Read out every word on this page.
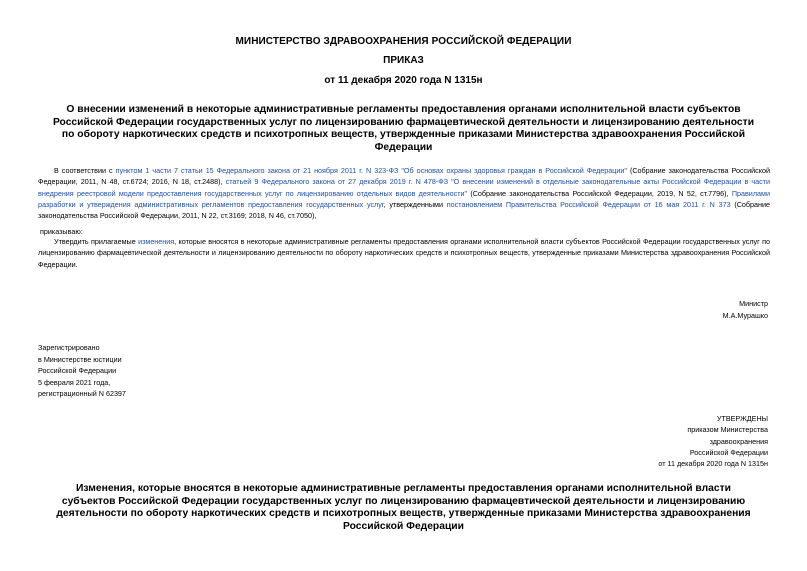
МИНИСТЕРСТВО ЗДРАВООХРАНЕНИЯ РОССИЙСКОЙ ФЕДЕРАЦИИ
ПРИКАЗ
от 11 декабря 2020 года N 1315н
О внесении изменений в некоторые административные регламенты предоставления органами исполнительной власти субъектов Российской Федерации государственных услуг по лицензированию фармацевтической деятельности и лицензированию деятельности по обороту наркотических средств и психотропных веществ, утвержденные приказами Министерства здравоохранения Российской Федерации
В соответствии с пунктом 1 части 7 статьи 15 Федерального закона от 21 ноября 2011 г. N 323-ФЗ "Об основах охраны здоровья граждан в Российской Федерации" (Собрание законодательства Российской Федерации, 2011, N 48, ст.6724; 2016, N 18, ст.2488), статьей 9 Федерального закона от 27 декабря 2019 г. N 478-ФЗ "О внесении изменений в отдельные законодательные акты Российской Федерации в части внедрения реестровой модели предоставления государственных услуг по лицензированию отдельных видов деятельности" (Собрание законодательства Российской Федерации, 2019, N 52, ст.7796), Правилами разработки и утверждения административных регламентов предоставления государственных услуг, утвержденными постановлением Правительства Российской Федерации от 16 мая 2011 г. N 373 (Собрание законодательства Российской Федерации, 2011, N 22, ст.3169; 2018, N 46, ст.7050),
приказываю:
Утвердить прилагаемые изменения, которые вносятся в некоторые административные регламенты предоставления органами исполнительной власти субъектов Российской Федерации государственных услуг по лицензированию фармацевтической деятельности и лицензированию деятельности по обороту наркотических средств и психотропных веществ, утвержденные приказами Министерства здравоохранения Российской Федерации.
Министр
М.А.Мурашко
Зарегистрировано
в Министерстве юстиции
Российской Федерации
5 февраля 2021 года,
регистрационный N 62397
УТВЕРЖДЕНЫ
приказом Министерства
здравоохранения
Российской Федерации
от 11 декабря 2020 года N 1315н
Изменения, которые вносятся в некоторые административные регламенты предоставления органами исполнительной власти субъектов Российской Федерации государственных услуг по лицензированию фармацевтической деятельности и лицензированию деятельности по обороту наркотических средств и психотропных веществ, утвержденные приказами Министерства здравоохранения Российской Федерации
